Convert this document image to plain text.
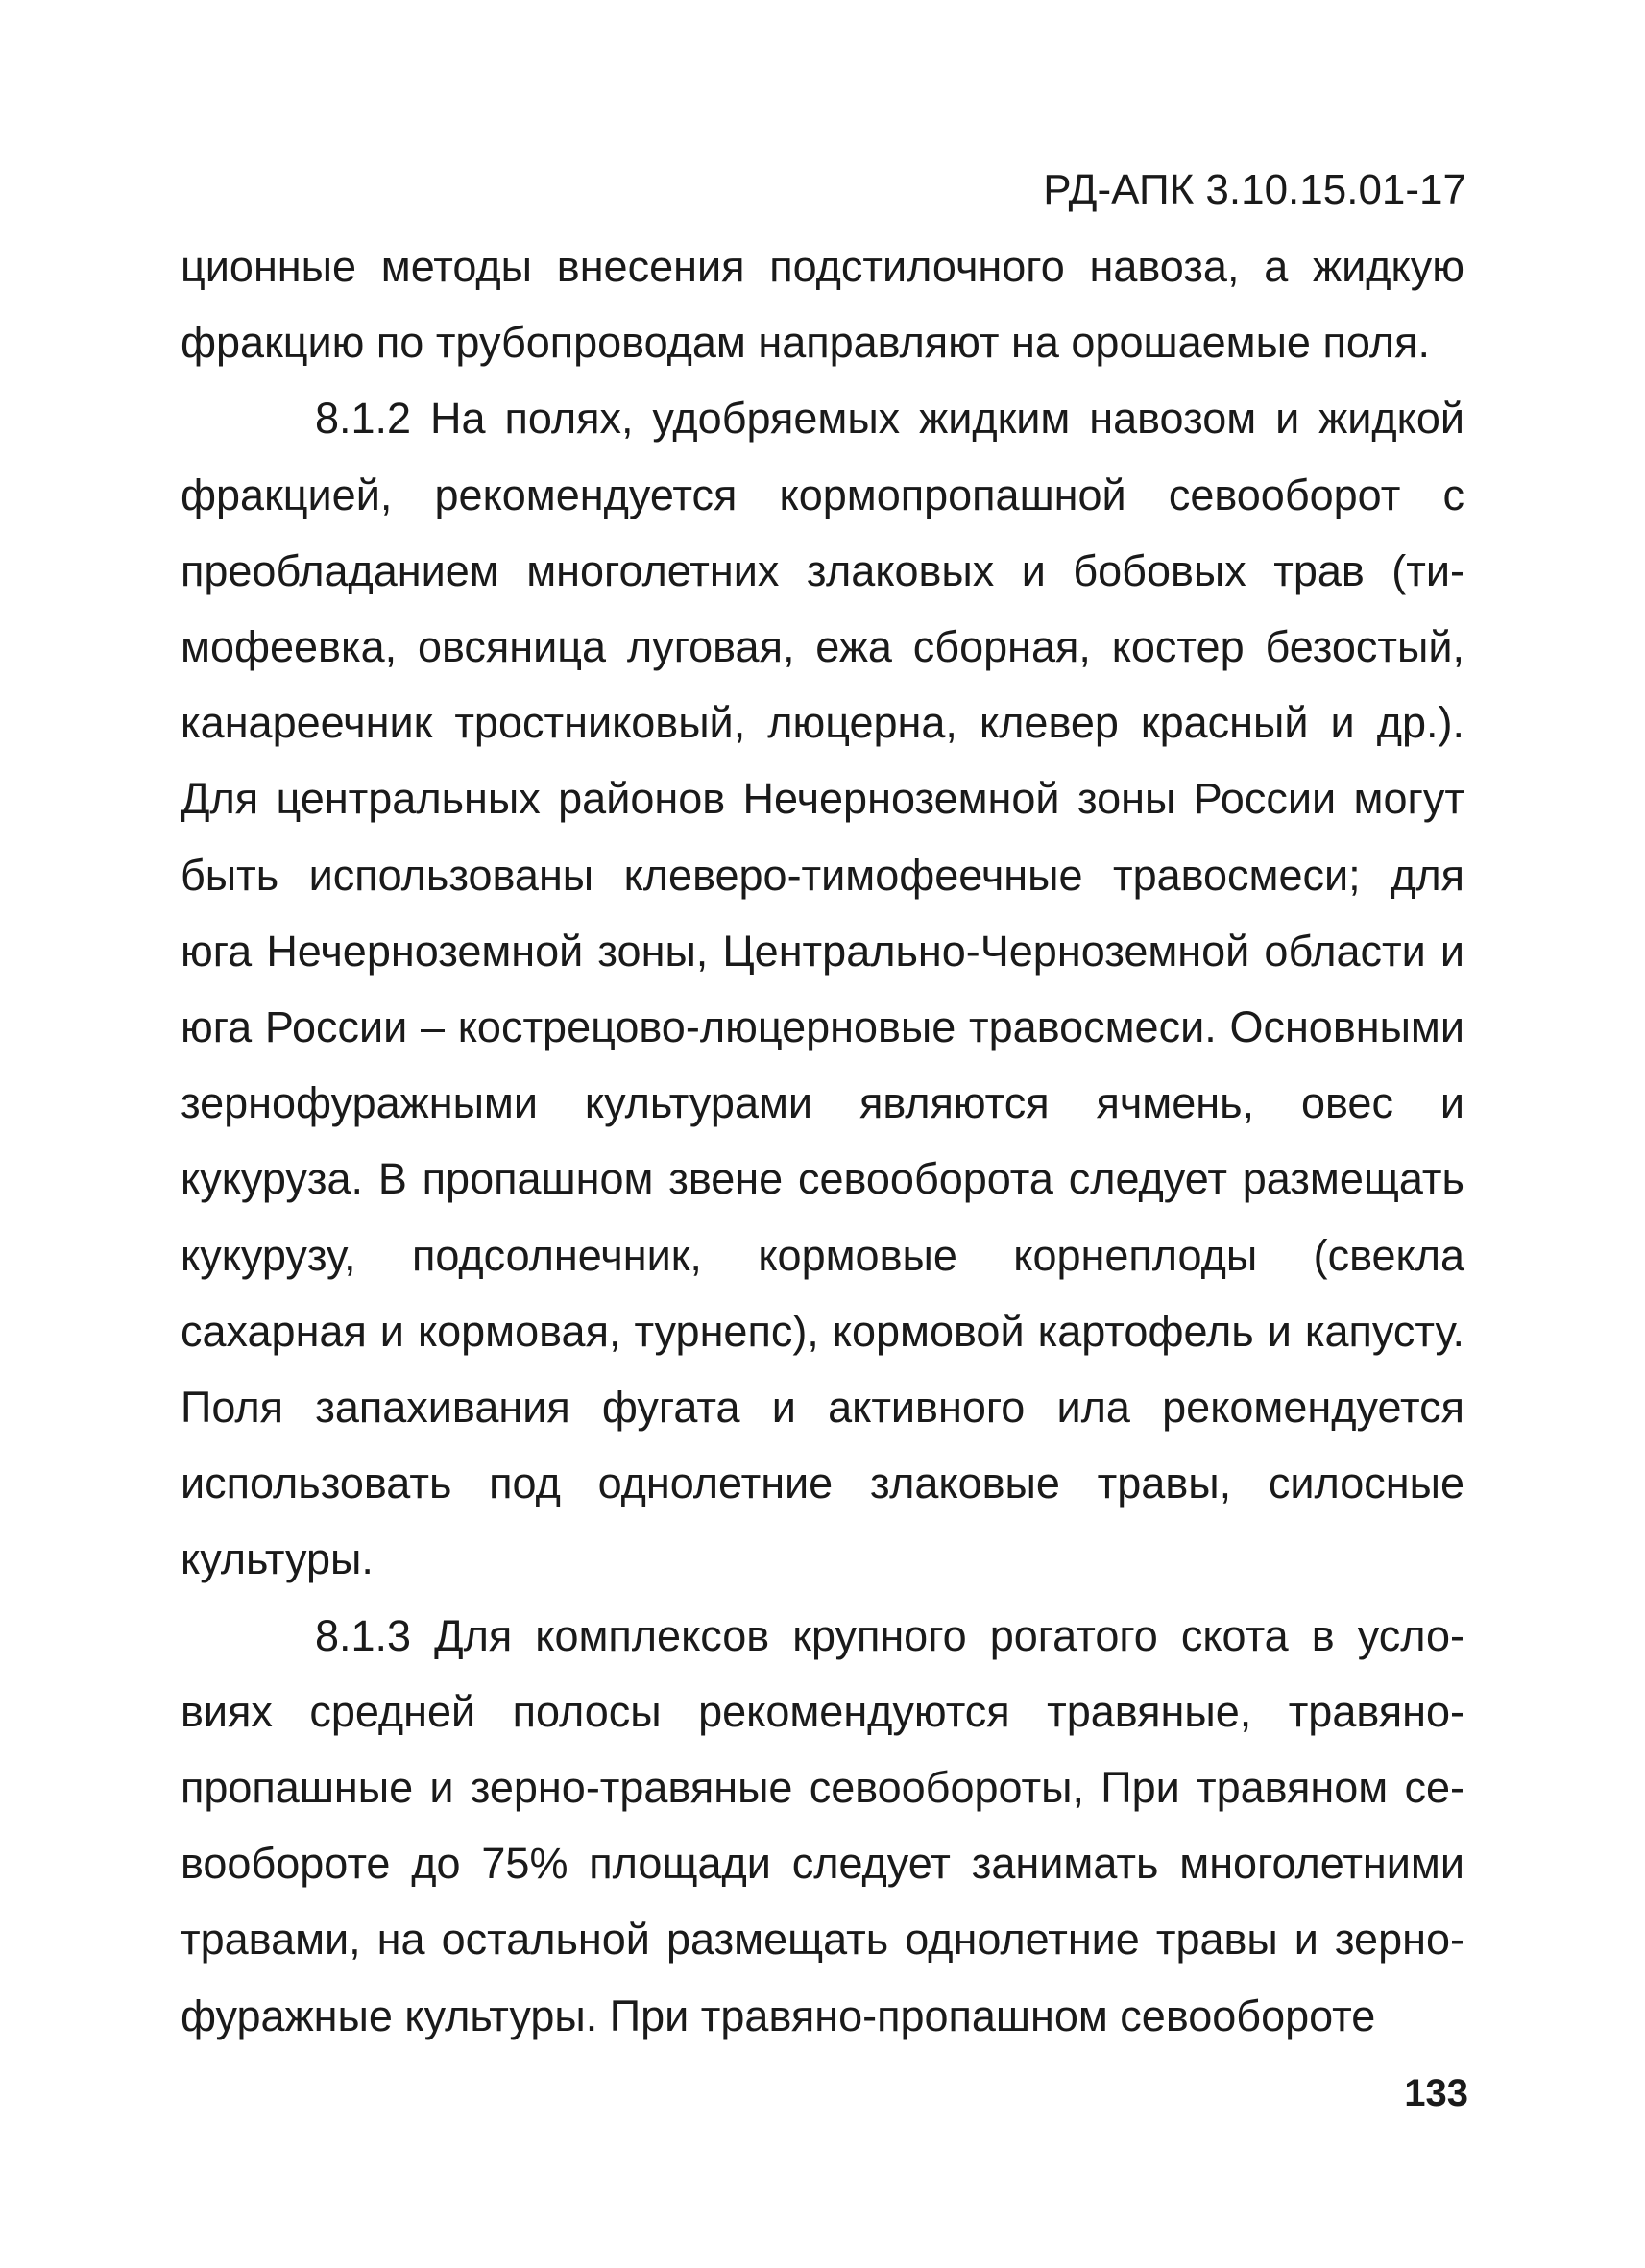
РД-АПК 3.10.15.01-17

ционные методы внесения подстилочного навоза, а жидкую фракцию по трубопроводам направляют на орошаемые поля.

8.1.2 На полях, удобряемых жидким навозом и жидкой фракцией, рекомендуется кормопропашной севооборот с преобладанием многолетних злаковых и бобовых трав (тимофеевка, овсяница луговая, ежа сборная, костер безостый, канареечник тростниковый, люцерна, клевер красный и др.). Для центральных районов Нечерноземной зоны России могут быть использованы клеверо-тимофеечные травосмеси; для юга Нечерноземной зоны, Центрально-Черноземной области и юга России – кострецово-люцерновые травосмеси. Основными зернофуражными культурами являются ячмень, овес и кукуруза. В пропашном звене севооборота следует размещать кукурузу, подсолнечник, кормовые корнеплоды (свекла сахарная и кормовая, турнепс), кормовой картофель и капусту. Поля запахивания фугата и активного ила рекомендуется использовать под однолетние злаковые травы, силосные культуры.

8.1.3 Для комплексов крупного рогатого скота в условиях средней полосы рекомендуются травяные, травяно-пропашные и зерно-травяные севообороты, При травяном севообороте до 75% площади следует занимать многолетними травами, на остальной размещать однолетние травы и зернофуражные культуры. При травяно-пропашном севообороте

133
